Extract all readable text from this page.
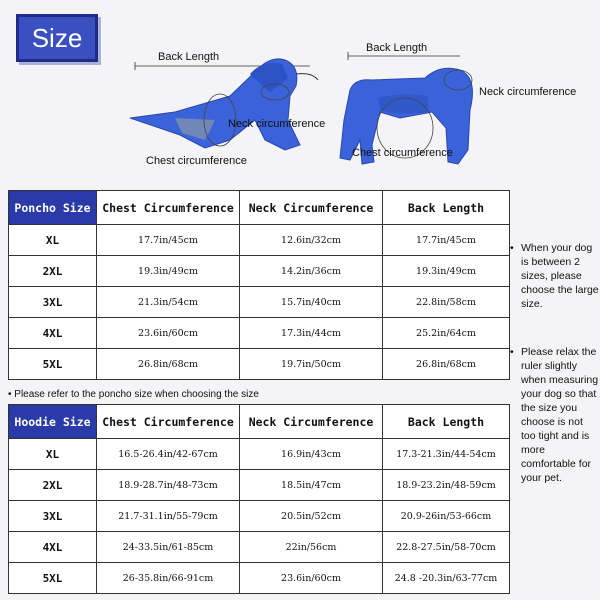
Size
Back Length
Neck circumference
Chest circumference
Back Length
Neck circumference
Chest circumference
Poncho Size	Chest Circumference	Neck Circumference	Back Length
XL	17.7in/45cm	12.6in/32cm	17.7in/45cm
2XL	19.3in/49cm	14.2in/36cm	19.3in/49cm
3XL	21.3in/54cm	15.7in/40cm	22.8in/58cm
4XL	23.6in/60cm	17.3in/44cm	25.2in/64cm
5XL	26.8in/68cm	19.7in/50cm	26.8in/68cm
• Please refer to the poncho size when choosing the size
Hoodie Size	Chest Circumference	Neck Circumference	Back Length
XL	16.5-26.4in/42-67cm	16.9in/43cm	17.3-21.3in/44-54cm
2XL	18.9-28.7in/48-73cm	18.5in/47cm	18.9-23.2in/48-59cm
3XL	21.7-31.1in/55-79cm	20.5in/52cm	20.9-26in/53-66cm
4XL	24-33.5in/61-85cm	22in/56cm	22.8-27.5in/58-70cm
5XL	26-35.8in/66-91cm	23.6in/60cm	24.8 -20.3in/63-77cm
• When your dog is between 2 sizes, please choose the large size.
• Please relax the ruler slightly when measuring your dog so that the size you choose is not too tight and is more comfortable for your pet.
